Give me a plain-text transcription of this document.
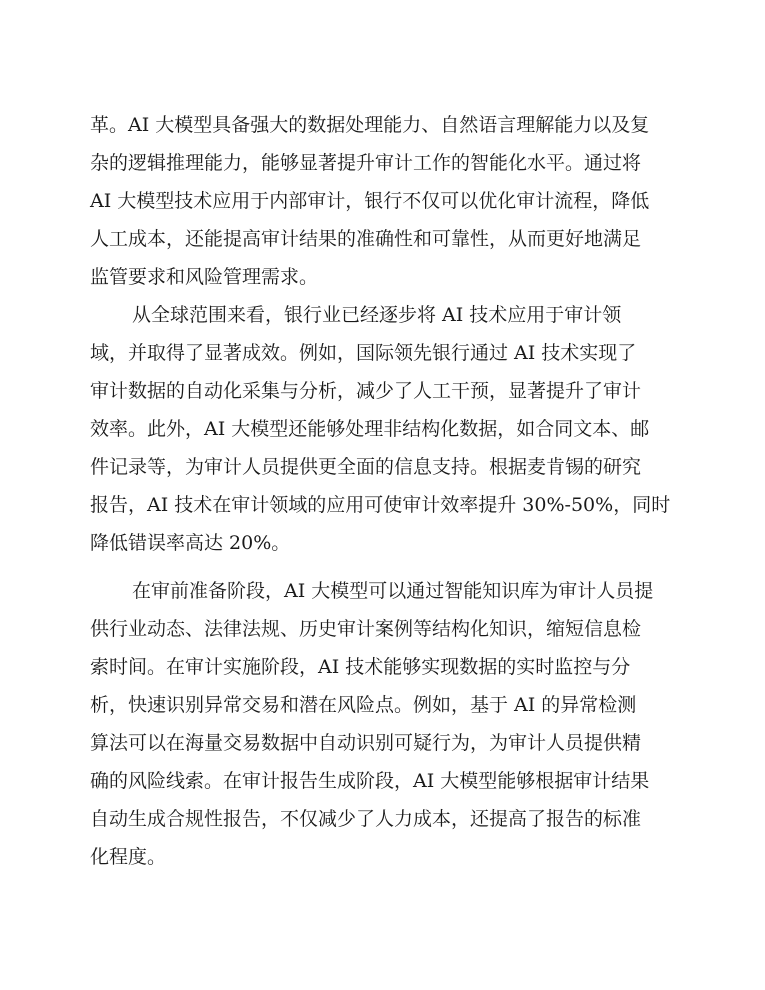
革。AI 大模型具备强大的数据处理能力、自然语言理解能力以及复
杂的逻辑推理能力，能够显著提升审计工作的智能化水平。通过将
AI 大模型技术应用于内部审计，银行不仅可以优化审计流程，降低
人工成本，还能提高审计结果的准确性和可靠性，从而更好地满足
监管要求和风险管理需求。
从全球范围来看，银行业已经逐步将 AI 技术应用于审计领
域，并取得了显著成效。例如，国际领先银行通过 AI 技术实现了
审计数据的自动化采集与分析，减少了人工干预，显著提升了审计
效率。此外，AI 大模型还能够处理非结构化数据，如合同文本、邮
件记录等，为审计人员提供更全面的信息支持。根据麦肯锡的研究
报告，AI 技术在审计领域的应用可使审计效率提升 30%-50%，同时
降低错误率高达 20%。
在审前准备阶段，AI 大模型可以通过智能知识库为审计人员提
供行业动态、法律法规、历史审计案例等结构化知识，缩短信息检
索时间。在审计实施阶段，AI 技术能够实现数据的实时监控与分
析，快速识别异常交易和潜在风险点。例如，基于 AI 的异常检测
算法可以在海量交易数据中自动识别可疑行为，为审计人员提供精
确的风险线索。在审计报告生成阶段，AI 大模型能够根据审计结果
自动生成合规性报告，不仅减少了人力成本，还提高了报告的标准
化程度。
